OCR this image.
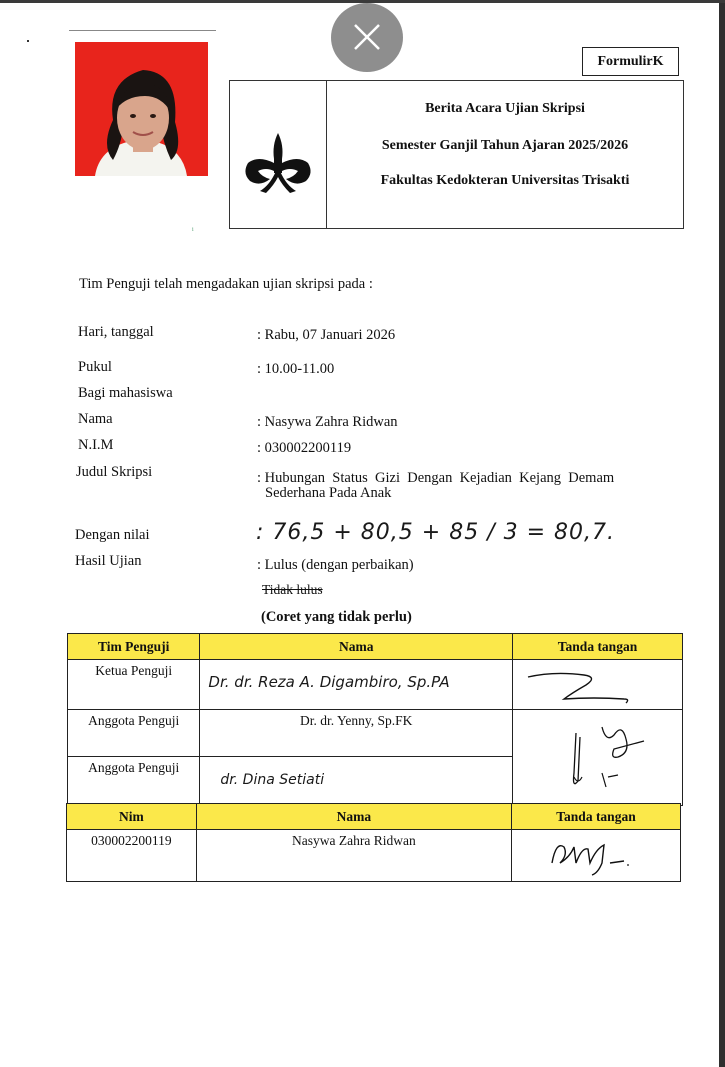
ᵢ
FormulirK
Berita Acara Ujian Skripsi
Semester Ganjil Tahun Ajaran 2025/2026
Fakultas Kedokteran Universitas Trisakti
Tim Penguji telah mengadakan ujian skripsi pada :
Hari, tanggal	: Rabu, 07 Januari 2026
Pukul	: 10.00-11.00
Bagi mahasiswa
Nama	: Nasywa Zahra Ridwan
N.I.M	: 030002200119
Judul Skripsi	: Hubungan  Status  Gizi  Dengan  Kejadian  Kejang  Demam
Sederhana Pada Anak
Dengan nilai	: 76,5 + 80,5 + 85 / 3 = 80,7.
Hasil Ujian	: Lulus (dengan perbaikan)
Tidak lulus
(Coret yang tidak perlu)
Tim Penguji	Nama	Tanda tangan
Ketua Penguji	Dr. dr. Reza A. Digambiro, Sp.PA	
Anggota Penguji	Dr. dr. Yenny, Sp.FK	
Anggota Penguji	dr. Dina Setiati	
Nim	Nama	Tanda tangan
030002200119	Nasywa Zahra Ridwan	
